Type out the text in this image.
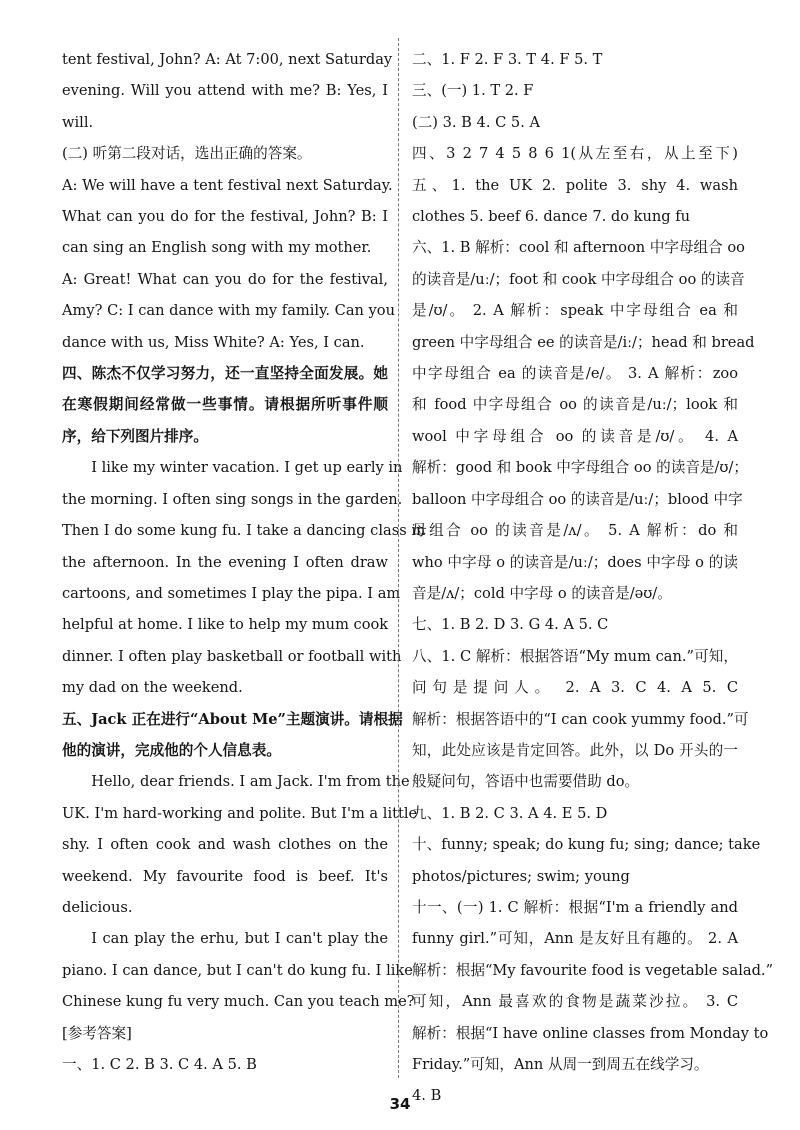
tent festival, John? A: At 7:00, next Saturday
evening. Will you attend with me? B: Yes, I
will.
(二) 听第二段对话，选出正确的答案。
A: We will have a tent festival next Saturday.
What can you do for the festival, John? B: I
can sing an English song with my mother.
A: Great! What can you do for the festival,
Amy? C: I can dance with my family. Can you
dance with us, Miss White? A: Yes, I can.
四、陈杰不仅学习努力，还一直坚持全面发展。她
在寒假期间经常做一些事情。请根据所听事件顺
序，给下列图片排序。
I like my winter vacation. I get up early in
the morning. I often sing songs in the garden.
Then I do some kung fu. I take a dancing class in
the afternoon. In the evening I often draw
cartoons, and sometimes I play the pipa. I am
helpful at home. I like to help my mum cook
dinner. I often play basketball or football with
my dad on the weekend.
五、Jack 正在进行“About Me”主题演讲。请根据
他的演讲，完成他的个人信息表。
Hello, dear friends. I am Jack. I'm from the
UK. I'm hard-working and polite. But I'm a little
shy. I often cook and wash clothes on the
weekend. My favourite food is beef. It's
delicious.
I can play the erhu, but I can't play the
piano. I can dance, but I can't do kung fu. I like
Chinese kung fu very much. Can you teach me?
[参考答案]
一、1. C 2. B 3. C 4. A 5. B
二、1. F 2. F 3. T 4. F 5. T
三、(一) 1. T 2. F
(二) 3. B 4. C 5. A
四、3 2 7 4 5 8 6 1(从左至右，从上至下)
五、1. the UK 2. polite 3. shy 4. wash
clothes 5. beef 6. dance 7. do kung fu
六、1. B 解析：cool 和 afternoon 中字母组合 oo
的读音是/uː/；foot 和 cook 中字母组合 oo 的读音
是/ʊ/。 2. A 解析：speak 中字母组合 ea 和
green 中字母组合 ee 的读音是/iː/；head 和 bread
中字母组合 ea 的读音是/e/。 3. A 解析：zoo
和 food 中字母组合 oo 的读音是/uː/；look 和
wool 中字母组合 oo 的读音是/ʊ/。 4. A
解析：good 和 book 中字母组合 oo 的读音是/ʊ/；
balloon 中字母组合 oo 的读音是/uː/；blood 中字
母组合 oo 的读音是/ʌ/。 5. A 解析：do 和
who 中字母 o 的读音是/uː/；does 中字母 o 的读
音是/ʌ/；cold 中字母 o 的读音是/əʊ/。
七、1. B 2. D 3. G 4. A 5. C
八、1. C 解析：根据答语“My mum can.”可知，
问句是提问人。 2. A 3. C 4. A 5. C
解析：根据答语中的“I can cook yummy food.”可
知，此处应该是肯定回答。此外，以 Do 开头的一
般疑问句，答语中也需要借助 do。
九、1. B 2. C 3. A 4. E 5. D
十、funny; speak; do kung fu; sing; dance; take
photos/pictures; swim; young
十一、(一) 1. C 解析：根据“I'm a friendly and
funny girl.”可知，Ann 是友好且有趣的。 2. A
解析：根据“My favourite food is vegetable salad.”
可知，Ann 最喜欢的食物是蔬菜沙拉。 3. C
解析：根据“I have online classes from Monday to
Friday.”可知，Ann 从周一到周五在线学习。
4. B
34
